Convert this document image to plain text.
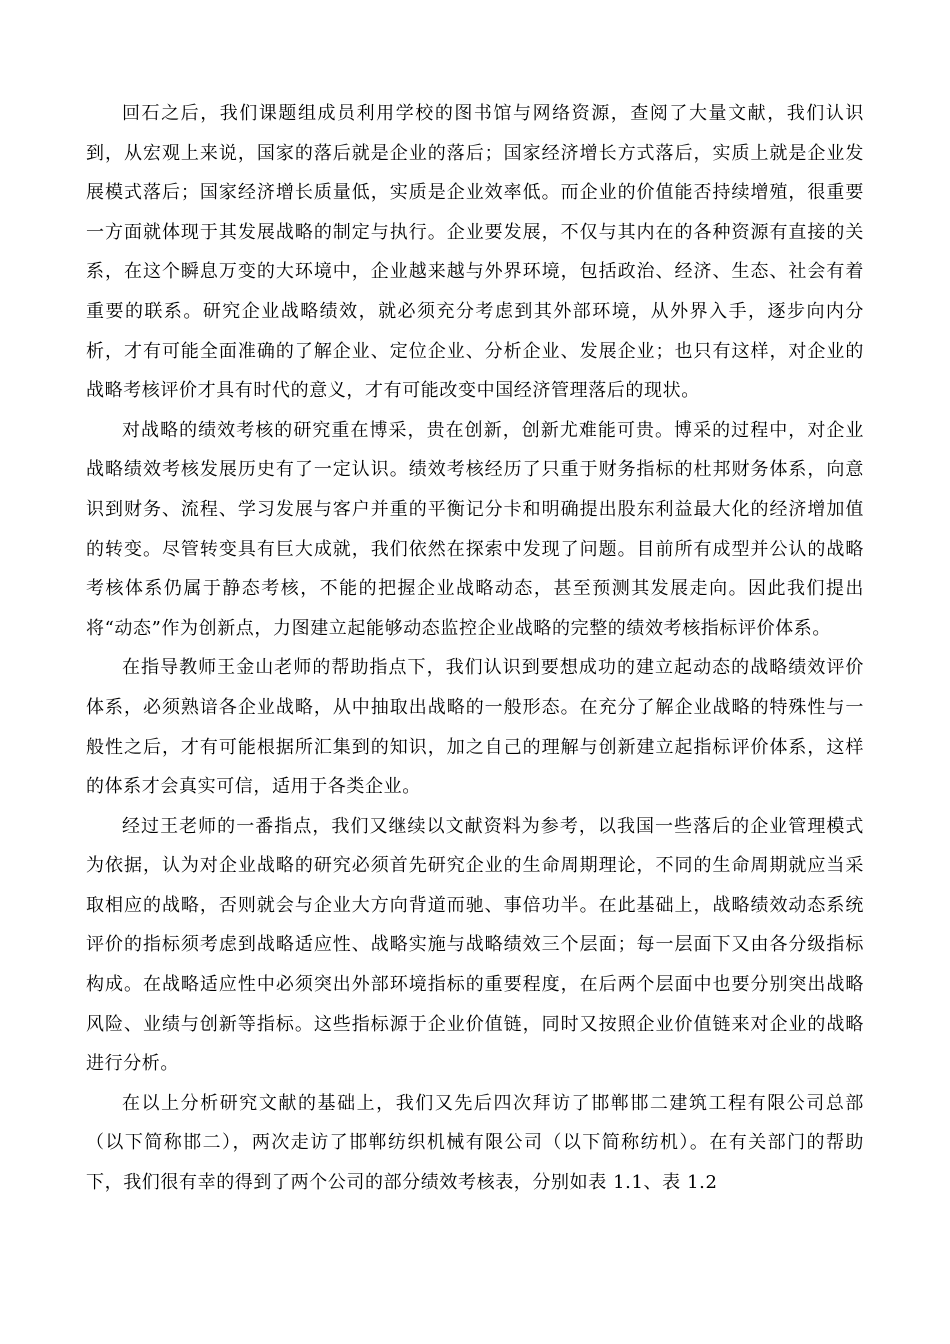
回石之后，我们课题组成员利用学校的图书馆与网络资源，查阅了大量文献，我们认识到，从宏观上来说，国家的落后就是企业的落后；国家经济增长方式落后，实质上就是企业发展模式落后；国家经济增长质量低，实质是企业效率低。而企业的价值能否持续增殖，很重要一方面就体现于其发展战略的制定与执行。企业要发展，不仅与其内在的各种资源有直接的关系，在这个瞬息万变的大环境中，企业越来越与外界环境，包括政治、经济、生态、社会有着重要的联系。研究企业战略绩效，就必须充分考虑到其外部环境，从外界入手，逐步向内分析，才有可能全面准确的了解企业、定位企业、分析企业、发展企业；也只有这样，对企业的战略考核评价才具有时代的意义，才有可能改变中国经济管理落后的现状。

对战略的绩效考核的研究重在博采，贵在创新，创新尤难能可贵。博采的过程中，对企业战略绩效考核发展历史有了一定认识。绩效考核经历了只重于财务指标的杜邦财务体系，向意识到财务、流程、学习发展与客户并重的平衡记分卡和明确提出股东利益最大化的经济增加值的转变。尽管转变具有巨大成就，我们依然在探索中发现了问题。目前所有成型并公认的战略考核体系仍属于静态考核，不能的把握企业战略动态，甚至预测其发展走向。因此我们提出将“动态”作为创新点，力图建立起能够动态监控企业战略的完整的绩效考核指标评价体系。

在指导教师王金山老师的帮助指点下，我们认识到要想成功的建立起动态的战略绩效评价体系，必须熟谙各企业战略，从中抽取出战略的一般形态。在充分了解企业战略的特殊性与一般性之后，才有可能根据所汇集到的知识，加之自己的理解与创新建立起指标评价体系，这样的体系才会真实可信，适用于各类企业。

经过王老师的一番指点，我们又继续以文献资料为参考，以我国一些落后的企业管理模式为依据，认为对企业战略的研究必须首先研究企业的生命周期理论，不同的生命周期就应当采取相应的战略，否则就会与企业大方向背道而驰、事倍功半。在此基础上，战略绩效动态系统评价的指标须考虑到战略适应性、战略实施与战略绩效三个层面；每一层面下又由各分级指标构成。在战略适应性中必须突出外部环境指标的重要程度，在后两个层面中也要分别突出战略风险、业绩与创新等指标。这些指标源于企业价值链，同时又按照企业价值链来对企业的战略进行分析。

在以上分析研究文献的基础上，我们又先后四次拜访了邯郸邯二建筑工程有限公司总部（以下简称邯二），两次走访了邯郸纺织机械有限公司（以下简称纺机）。在有关部门的帮助下，我们很有幸的得到了两个公司的部分绩效考核表，分别如表 1.1、表 1.2
